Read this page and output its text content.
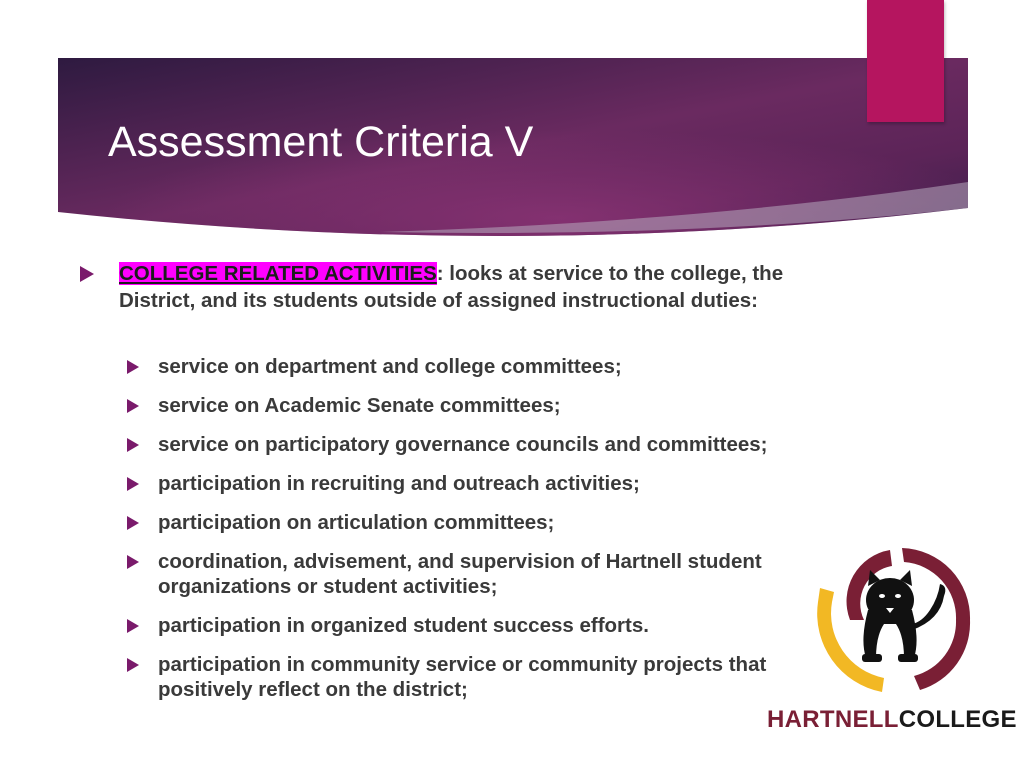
Assessment Criteria V
COLLEGE RELATED ACTIVITIES: looks at service to the college, the District, and its students outside of assigned instructional duties:
service on department and college committees;
service on Academic Senate committees;
service on participatory governance councils and committees;
participation in recruiting and outreach activities;
participation on articulation committees;
coordination, advisement, and supervision of Hartnell student organizations or student activities;
participation in organized student success efforts.
participation in community service or community projects that positively reflect on the district;
HARTNELLCOLLEGE
